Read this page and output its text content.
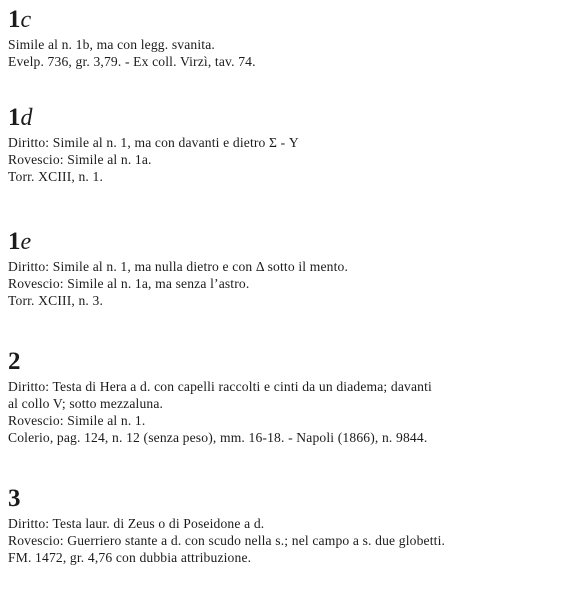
1c
Simile al n. 1b, ma con legg. svanita.
Evelp. 736, gr. 3,79. - Ex coll. Virzì, tav. 74.
1d
Diritto: Simile al n. 1, ma con davanti e dietro Σ - Y
Rovescio: Simile al n. 1a.
Torr. XCIII, n. 1.
1e
Diritto: Simile al n. 1, ma nulla dietro e con Δ sotto il mento.
Rovescio: Simile al n. 1a, ma senza l’astro.
Torr. XCIII, n. 3.
2
Diritto: Testa di Hera a d. con capelli raccolti e cinti da un diadema; davanti
al collo V; sotto mezzaluna.
Rovescio: Simile al n. 1.
Colerio, pag. 124, n. 12 (senza peso), mm. 16-18. - Napoli (1866), n. 9844.
3
Diritto: Testa laur. di Zeus o di Poseidone a d.
Rovescio: Guerriero stante a d. con scudo nella s.; nel campo a s. due globetti.
FM. 1472, gr. 4,76 con dubbia attribuzione.
